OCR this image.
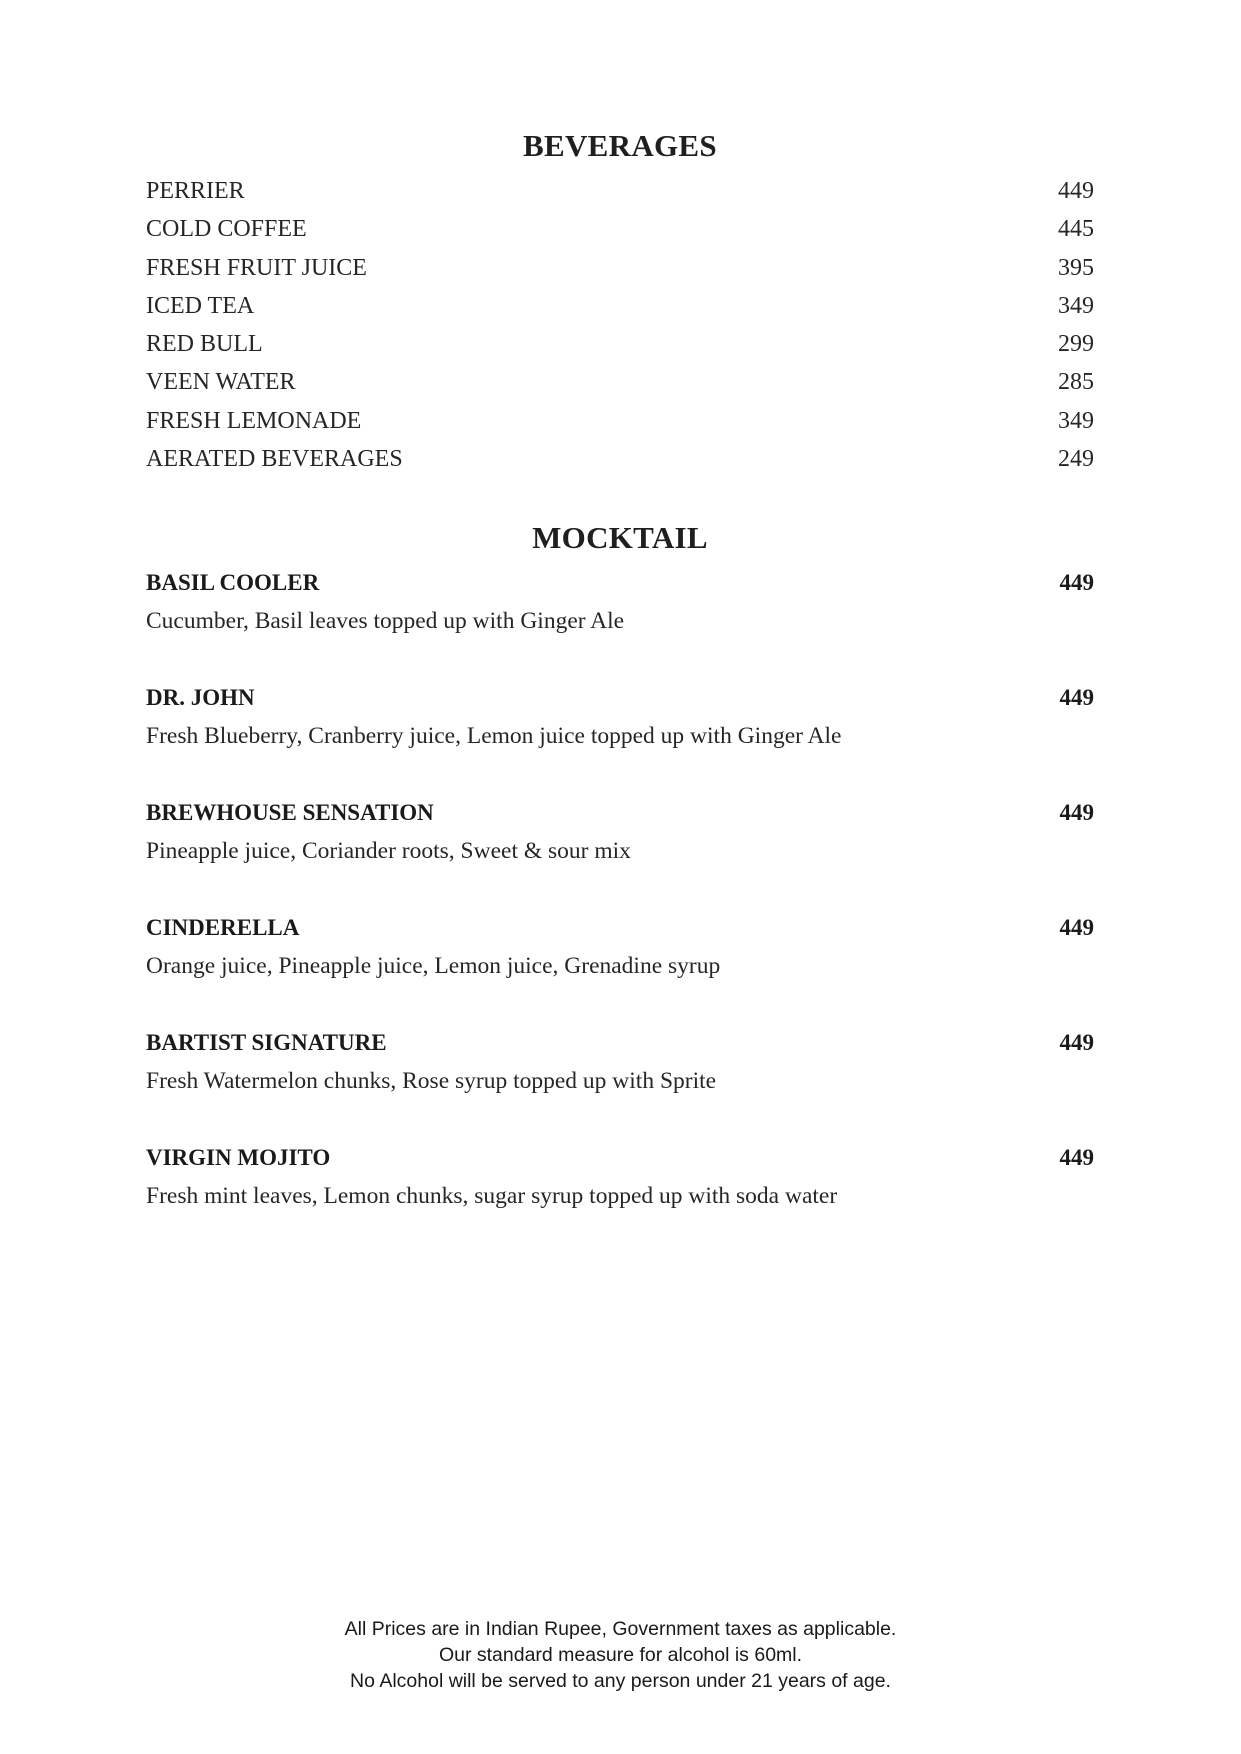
BEVERAGES
PERRIER	449
COLD COFFEE	445
FRESH FRUIT JUICE	395
ICED TEA	349
RED BULL	299
VEEN WATER	285
FRESH LEMONADE	349
AERATED BEVERAGES	249
MOCKTAIL
BASIL COOLER	449
Cucumber, Basil leaves topped up with Ginger Ale
DR. JOHN	449
Fresh Blueberry, Cranberry juice, Lemon juice topped up with Ginger Ale
BREWHOUSE SENSATION	449
Pineapple juice, Coriander roots, Sweet & sour mix
CINDERELLA	449
Orange juice, Pineapple juice, Lemon juice, Grenadine syrup
BARTIST SIGNATURE	449
Fresh Watermelon chunks, Rose syrup topped up with Sprite
VIRGIN MOJITO	449
Fresh mint leaves, Lemon chunks, sugar syrup topped up with soda water
All Prices are in Indian Rupee, Government taxes as applicable.
Our standard measure for alcohol is 60ml.
No Alcohol will be served to any person under 21 years of age.
